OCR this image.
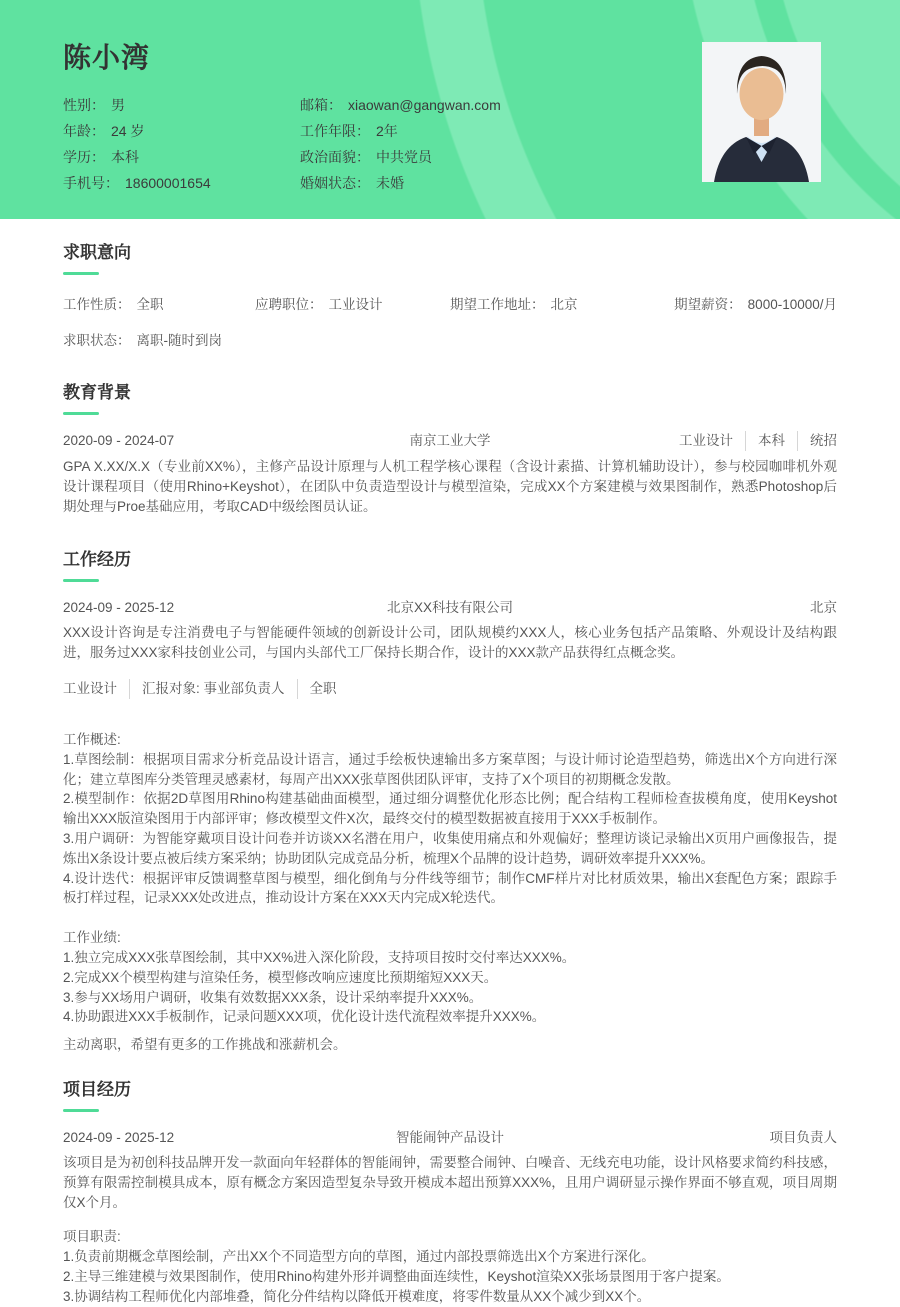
陈小湾
性别： 男
年龄： 24 岁
学历： 本科
手机号： 18600001654
邮箱： xiaowan@gangwan.com
工作年限： 2年
政治面貌： 中共党员
婚姻状态： 未婚
求职意向
工作性质： 全职	应聘职位： 工业设计	期望工作地址： 北京	期望薪资： 8000-10000/月
求职状态： 离职-随时到岗
教育背景
2020-09 - 2024-07	南京工业大学	工业设计 本科 统招
GPA X.XX/X.X（专业前XX%），主修产品设计原理与人机工程学核心课程（含设计素描、计算机辅助设计），参与校园咖啡机外观设计课程项目（使用Rhino+Keyshot），在团队中负责造型设计与模型渲染，完成XX个方案建模与效果图制作，熟悉Photoshop后期处理与Proe基础应用，考取CAD中级绘图员认证。
工作经历
2024-09 - 2025-12	北京XX科技有限公司	北京
XXX设计咨询是专注消费电子与智能硬件领域的创新设计公司，团队规模约XXX人，核心业务包括产品策略、外观设计及结构跟进，服务过XXX家科技创业公司，与国内头部代工厂保持长期合作，设计的XXX款产品获得红点概念奖。
工业设计 汇报对象: 事业部负责人 全职
工作概述:
1.草图绘制：根据项目需求分析竞品设计语言，通过手绘板快速输出多方案草图；与设计师讨论造型趋势，筛选出X个方向进行深化；建立草图库分类管理灵感素材，每周产出XXX张草图供团队评审，支持了X个项目的初期概念发散。
2.模型制作：依据2D草图用Rhino构建基础曲面模型，通过细分调整优化形态比例；配合结构工程师检查拔模角度，使用Keyshot输出XXX版渲染图用于内部评审；修改模型文件X次，最终交付的模型数据被直接用于XXX手板制作。
3.用户调研：为智能穿戴项目设计问卷并访谈XX名潜在用户，收集使用痛点和外观偏好；整理访谈记录输出X页用户画像报告，提炼出X条设计要点被后续方案采纳；协助团队完成竞品分析，梳理X个品牌的设计趋势，调研效率提升XXX%。
4.设计迭代：根据评审反馈调整草图与模型，细化倒角与分件线等细节；制作CMF样片对比材质效果，输出X套配色方案；跟踪手板打样过程，记录XXX处改进点，推动设计方案在XXX天内完成X轮迭代。
工作业绩:
1.独立完成XXX张草图绘制，其中XX%进入深化阶段，支持项目按时交付率达XXX%。
2.完成XX个模型构建与渲染任务，模型修改响应速度比预期缩短XXX天。
3.参与XX场用户调研，收集有效数据XXX条，设计采纳率提升XXX%。
4.协助跟进XXX手板制作，记录问题XXX项，优化设计迭代流程效率提升XXX%。
主动离职，希望有更多的工作挑战和涨薪机会。
项目经历
2024-09 - 2025-12	智能闹钟产品设计	项目负责人
该项目是为初创科技品牌开发一款面向年轻群体的智能闹钟，需要整合闹钟、白噪音、无线充电功能，设计风格要求简约科技感，预算有限需控制模具成本，原有概念方案因造型复杂导致开模成本超出预算XXX%，且用户调研显示操作界面不够直观，项目周期仅X个月。
项目职责:
1.负责前期概念草图绘制，产出XX个不同造型方向的草图，通过内部投票筛选出X个方案进行深化。
2.主导三维建模与效果图制作，使用Rhino构建外形并调整曲面连续性，Keyshot渲染XX张场景图用于客户提案。
3.协调结构工程师优化内部堆叠，简化分件结构以降低开模难度，将零件数量从XX个减少到XX个。
